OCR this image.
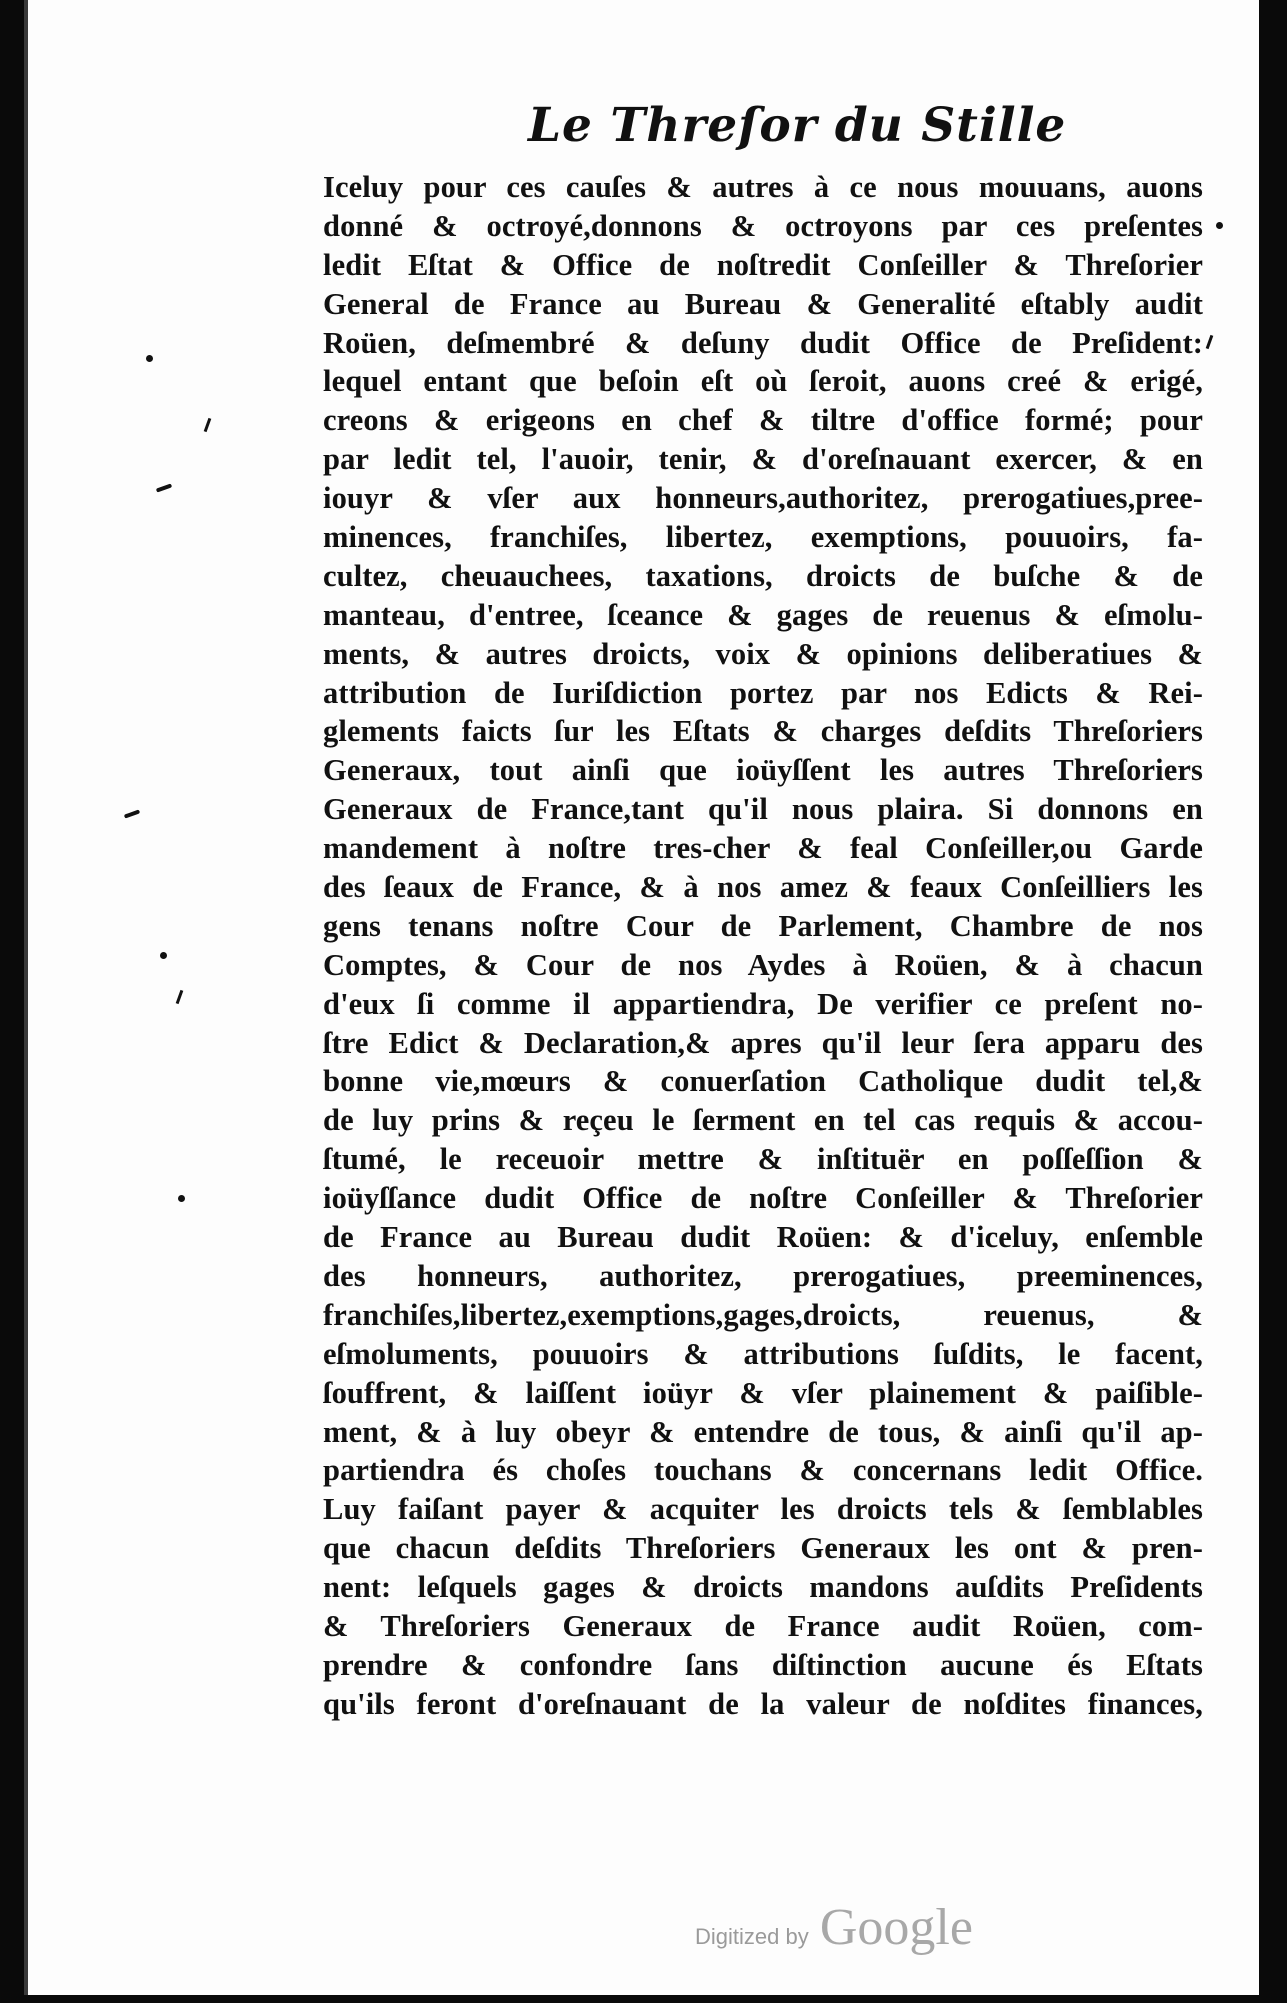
Le Threſor du Stille
Iceluy pour ces cauſes & autres à ce nous mouuans, auons
donné & octroyé,donnons & octroyons par ces preſentes
ledit Eſtat & Office de noſtredit Conſeiller & Threſorier
General de France au Bureau & Generalité eſtably audit
Roüen, deſmembré & deſuny dudit Office de Preſident:
lequel entant que beſoin eſt où ſeroit, auons creé & erigé,
creons & erigeons en chef & tiltre d'office formé; pour
par ledit tel, l'auoir, tenir, & d'oreſnauant exercer, & en
iouyr & vſer aux honneurs,authoritez, prerogatiues,pree-
minences, franchiſes, libertez, exemptions, pouuoirs, fa-
cultez, cheuauchees, taxations, droicts de buſche & de
manteau, d'entree, ſceance & gages de reuenus & eſmolu-
ments, & autres droicts, voix & opinions deliberatiues &
attribution de Iuriſdiction portez par nos Edicts & Rei-
glements faicts ſur les Eſtats & charges deſdits Threſoriers
Generaux, tout ainſi que ioüyſſent les autres Threſoriers
Generaux de France,tant qu'il nous plaira. Si donnons en
mandement à noſtre tres-cher & feal Conſeiller,ou Garde
des ſeaux de France, & à nos amez & feaux Conſeilliers les
gens tenans noſtre Cour de Parlement, Chambre de nos
Comptes, & Cour de nos Aydes à Roüen, & à chacun
d'eux ſi comme il appartiendra, De verifier ce preſent no-
ſtre Edict & Declaration,& apres qu'il leur ſera apparu des
bonne vie,mœurs & conuerſation Catholique dudit tel,&
de luy prins & reçeu le ſerment en tel cas requis & accou-
ſtumé, le receuoir mettre & inſtituër en poſſeſſion &
ioüyſſance dudit Office de noſtre Conſeiller & Threſorier
de France au Bureau dudit Roüen: & d'iceluy, enſemble
des honneurs, authoritez, prerogatiues, preeminences,
franchiſes,libertez,exemptions,gages,droicts, reuenus, &
eſmoluments, pouuoirs & attributions ſuſdits, le facent,
ſouffrent, & laiſſent ioüyr & vſer plainement & paiſible-
ment, & à luy obeyr & entendre de tous, & ainſi qu'il ap-
partiendra és choſes touchans & concernans ledit Office.
Luy faiſant payer & acquiter les droicts tels & ſemblables
que chacun deſdits Threſoriers Generaux les ont & pren-
nent: leſquels gages & droicts mandons auſdits Preſidents
& Threſoriers Generaux de France audit Roüen, com-
prendre & confondre ſans diſtinction aucune és Eſtats
qu'ils feront d'oreſnauant de la valeur de noſdites finances,
Digitized by Google
